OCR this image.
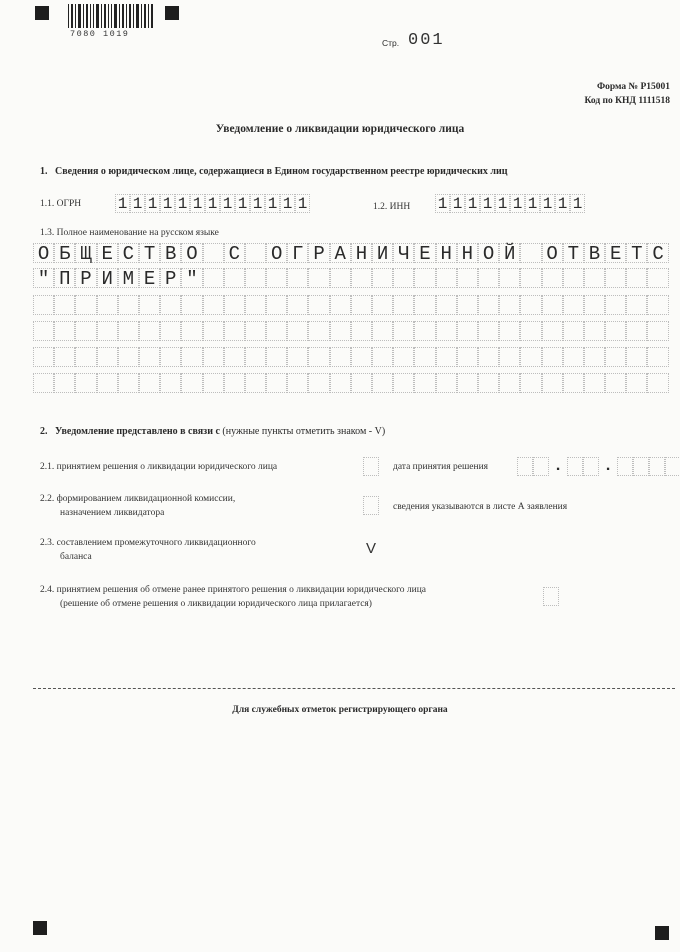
7080 1019
Стр. 001
Форма № Р15001
Код по КНД 1111518
Уведомление о ликвидации юридического лица
1. Сведения о юридическом лице, содержащиеся в Едином государственном реестре юридических лиц
1.1. ОГРН 1 1 1 1 1 1 1 1 1 1 1 1 1	1.2. ИНН 1 1 1 1 1 1 1 1 1 1
1.3. Полное наименование на русском языке
О Б Щ Е С Т В О С О Г Р А Н И Ч Е Н Н О Й О Т В Е Т С
" П Р И М Е Р "
2. Уведомление представлено в связи с (нужные пункты отметить знаком - V)
2.1. принятием решения о ликвидации юридического лица	дата принятия решения	.	.
2.2. формированием ликвидационной комиссии,
назначением ликвидатора
сведения указываются в листе А заявления
2.3. составлением промежуточного ликвидационного
баланса	V
2.4. принятием решения об отмене ранее принятого решения о ликвидации юридического лица
(решение об отмене решения о ликвидации юридического лица прилагается)
Для служебных отметок регистрирующего органа
